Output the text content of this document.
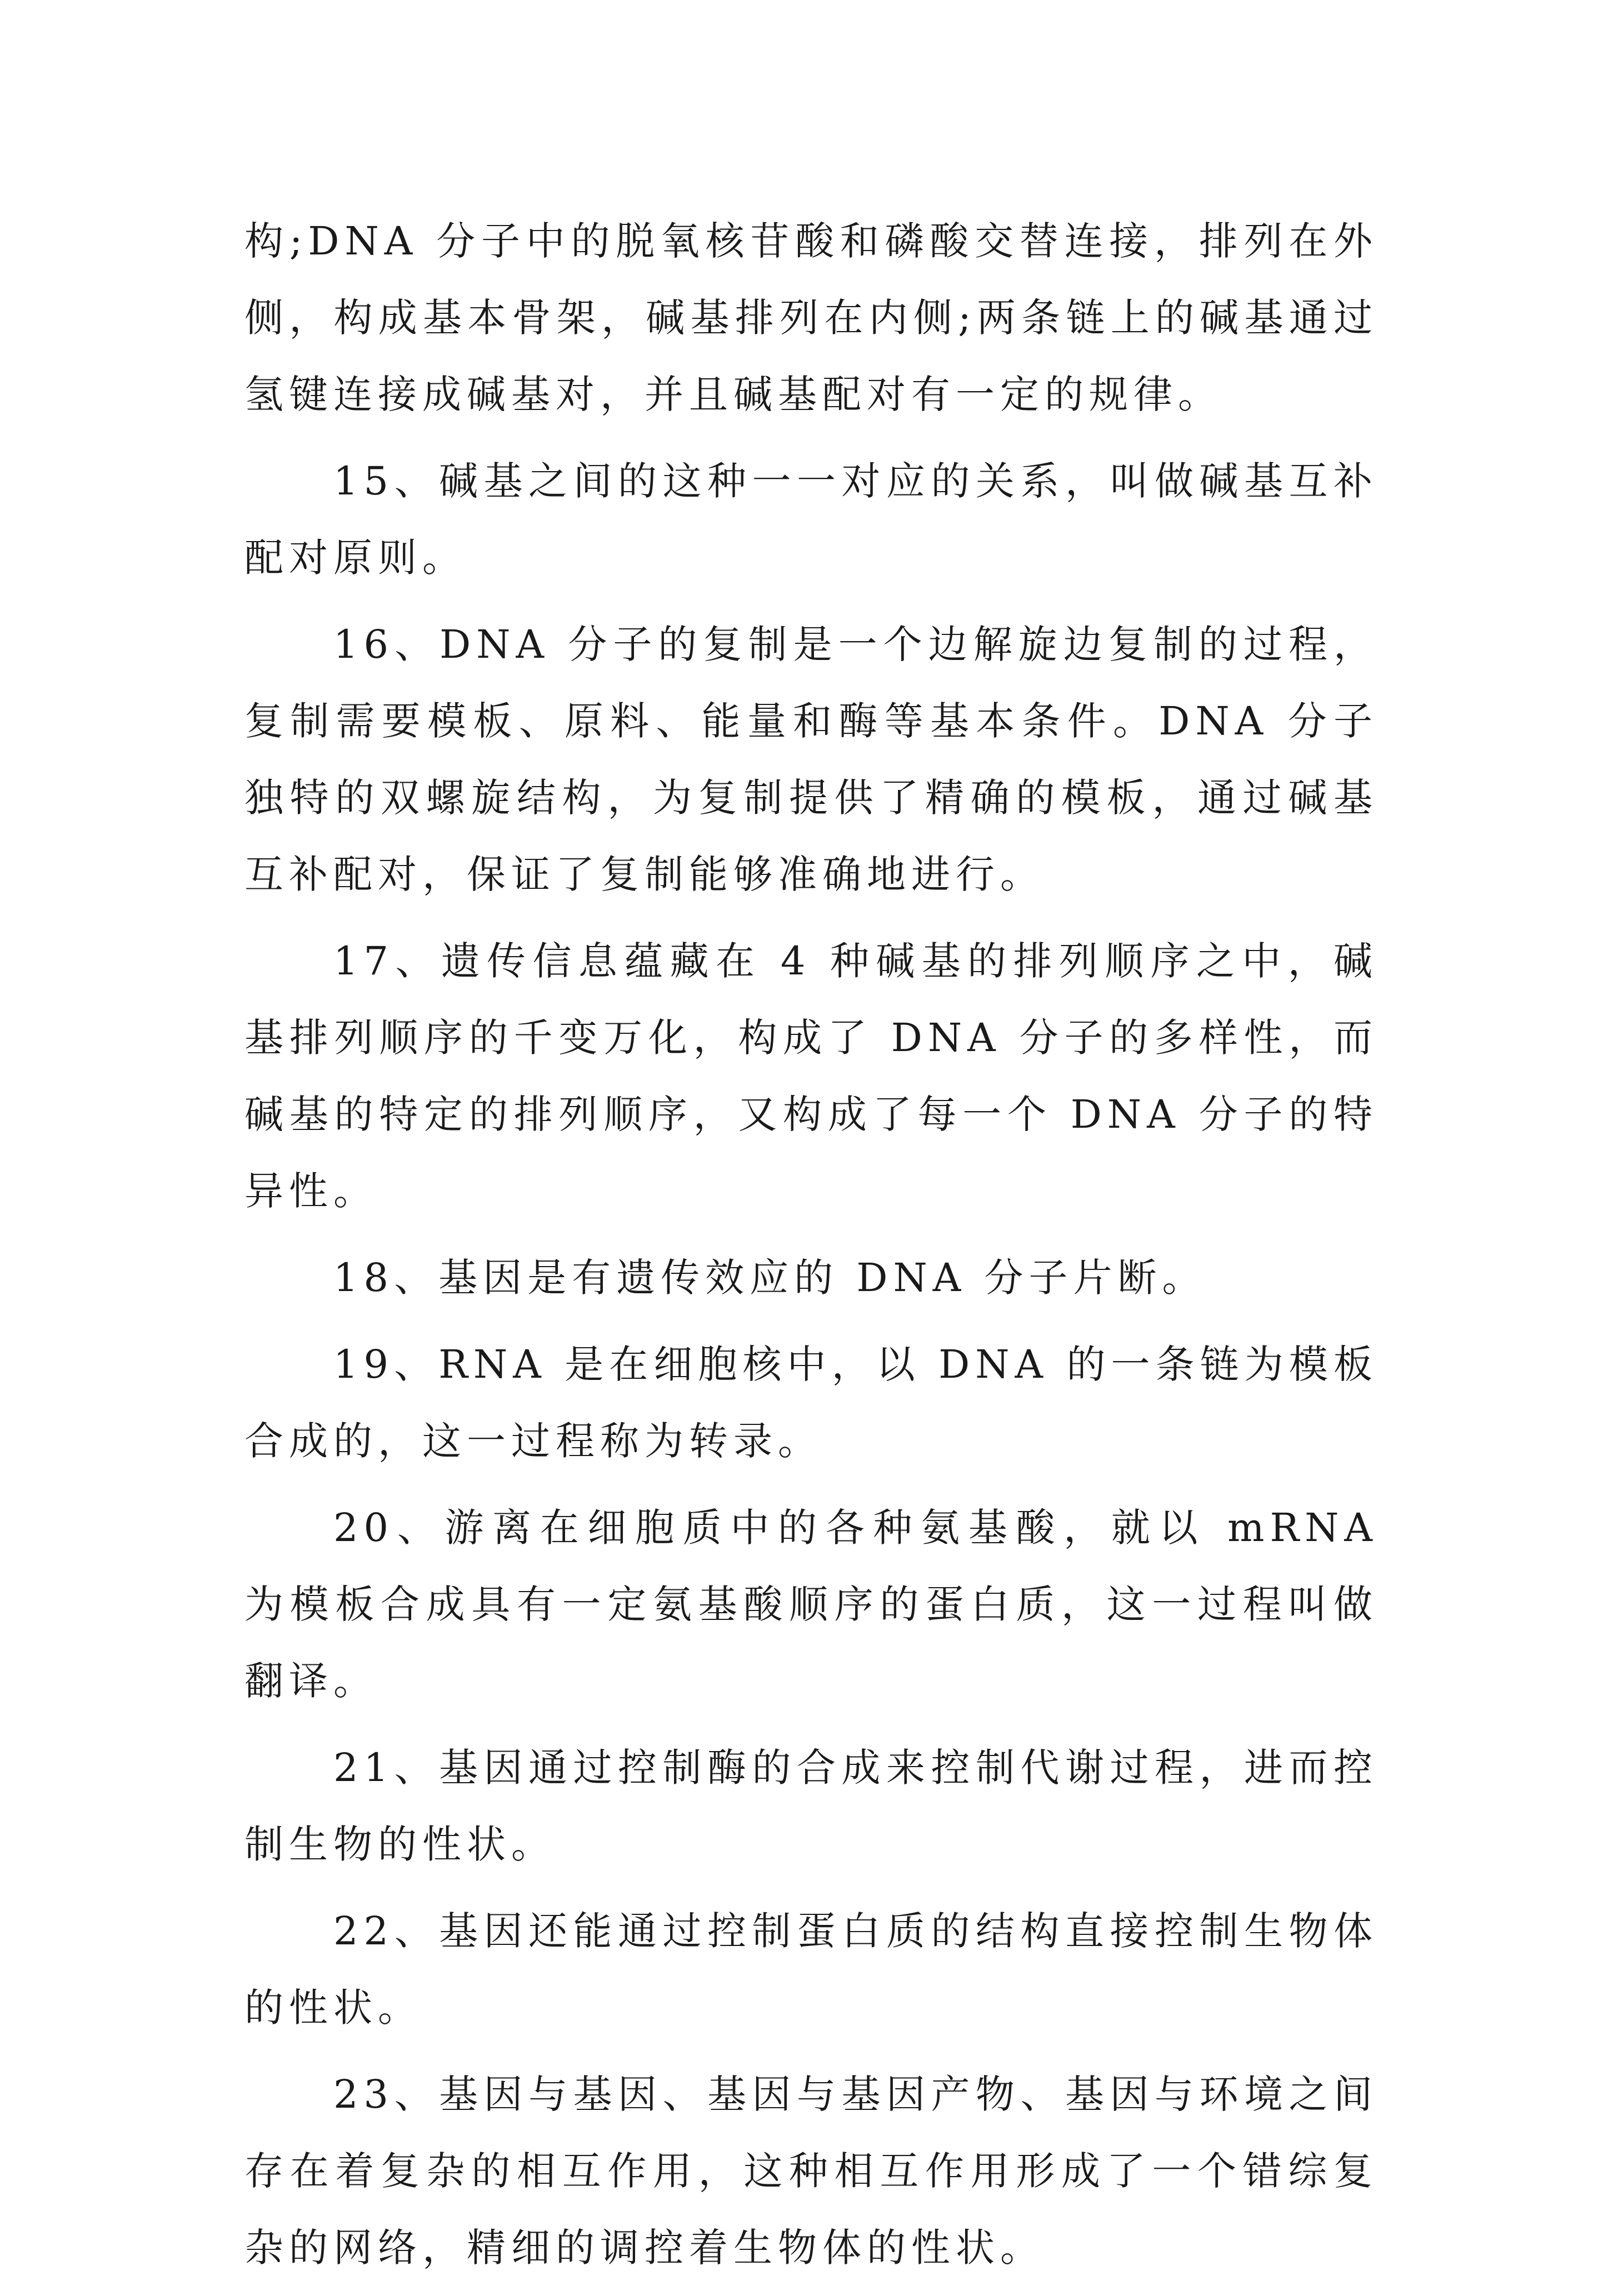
构;DNA 分子中的脱氧核苷酸和磷酸交替连接，排列在外侧，构成基本骨架，碱基排列在内侧;两条链上的碱基通过氢键连接成碱基对，并且碱基配对有一定的规律。

15、碱基之间的这种一一对应的关系，叫做碱基互补配对原则。

16、DNA 分子的复制是一个边解旋边复制的过程，复制需要模板、原料、能量和酶等基本条件。DNA 分子独特的双螺旋结构，为复制提供了精确的模板，通过碱基互补配对，保证了复制能够准确地进行。

17、遗传信息蕴藏在 4 种碱基的排列顺序之中，碱基排列顺序的千变万化，构成了 DNA 分子的多样性，而碱基的特定的排列顺序，又构成了每一个 DNA 分子的特异性。

18、基因是有遗传效应的 DNA 分子片断。

19、RNA 是在细胞核中，以 DNA 的一条链为模板合成的，这一过程称为转录。

20、游离在细胞质中的各种氨基酸，就以 mRNA 为模板合成具有一定氨基酸顺序的蛋白质，这一过程叫做翻译。

21、基因通过控制酶的合成来控制代谢过程，进而控制生物的性状。

22、基因还能通过控制蛋白质的结构直接控制生物体的性状。

23、基因与基因、基因与基因产物、基因与环境之间存在着复杂的相互作用，这种相互作用形成了一个错综复杂的网络，精细的调控着生物体的性状。
